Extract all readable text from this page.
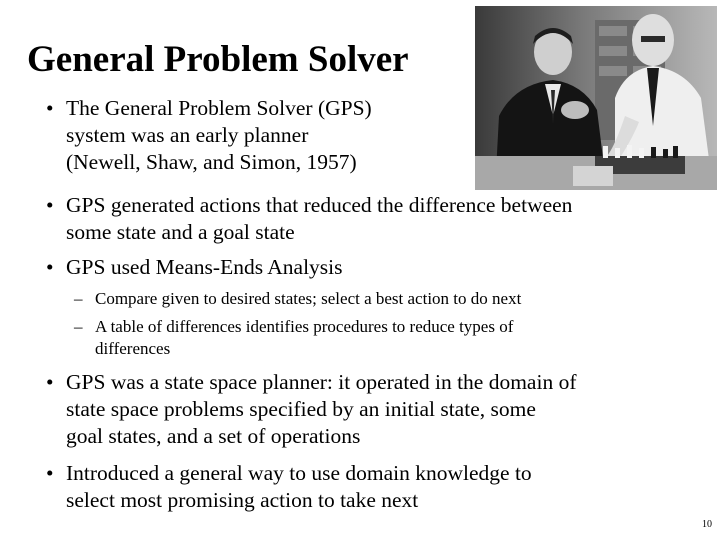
General Problem Solver
• The General Problem Solver (GPS)
system was an early planner
(Newell, Shaw, and Simon, 1957)
• GPS generated actions that reduced the difference between
some state and a goal state
• GPS used Means-Ends Analysis
– Compare given to desired states; select a best action to do next
– A table of differences identifies procedures to reduce types of
differences
• GPS was a state space planner: it operated in the domain of
state space problems specified by an initial state, some
goal states, and a set of operations
• Introduced a general way to use domain knowledge to
select most promising action to take next
10
